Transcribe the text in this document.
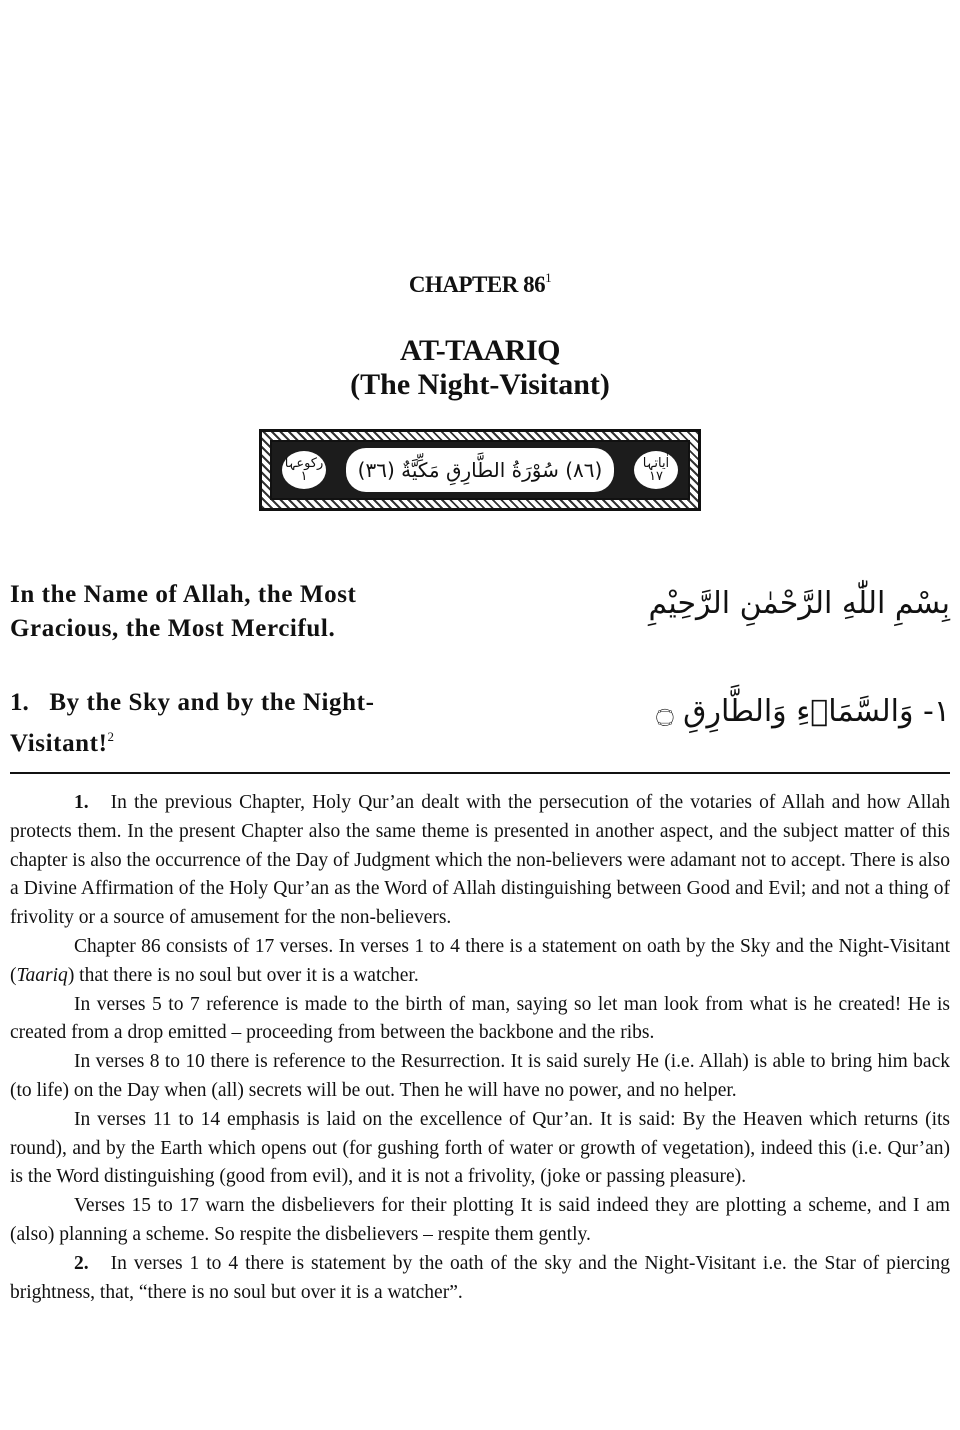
CHAPTER $86^1$
AT-TAARIQ
(The Night-Visitant)
رکوعہا ١	(٨٦) سُوْرَةُ الطَّارِقِ مَكِّيَّةٌ (٣٦)	اٰیاتہا ١٧
In the Name of Allah, the Most Gracious, the Most Merciful.
بِسْمِ اللّٰهِ الرَّحْمٰنِ الرَّحِيْمِ
1. By the Sky and by the Night-Visitant!$^2$
١- وَالسَّمَاۗءِ وَالطَّارِقِ ۝

1. In the previous Chapter, Holy Qur’an dealt with the persecution of the votaries of Allah and how Allah protects them. In the present Chapter also the same theme is presented in another aspect, and the subject matter of this chapter is also the occurrence of the Day of Judgment which the non-believers were adamant not to accept. There is also a Divine Affirmation of the Holy Qur’an as the Word of Allah distinguishing between Good and Evil; and not a thing of frivolity or a source of amusement for the non-believers.

Chapter 86 consists of 17 verses. In verses 1 to 4 there is a statement on oath by the Sky and the Night-Visitant (Taariq) that there is no soul but over it is a watcher.

In verses 5 to 7 reference is made to the birth of man, saying so let man look from what is he created! He is created from a drop emitted – proceeding from between the backbone and the ribs.

In verses 8 to 10 there is reference to the Resurrection. It is said surely He (i.e. Allah) is able to bring him back (to life) on the Day when (all) secrets will be out. Then he will have no power, and no helper.

In verses 11 to 14 emphasis is laid on the excellence of Qur’an. It is said: By the Heaven which returns (its round), and by the Earth which opens out (for gushing forth of water or growth of vegetation), indeed this (i.e. Qur’an) is the Word distinguishing (good from evil), and it is not a frivolity, (joke or passing pleasure).

Verses 15 to 17 warn the disbelievers for their plotting It is said indeed they are plotting a scheme, and I am (also) planning a scheme. So respite the disbelievers – respite them gently.

2. In verses 1 to 4 there is statement by the oath of the sky and the Night-Visitant i.e. the Star of piercing brightness, that, “there is no soul but over it is a watcher”.
